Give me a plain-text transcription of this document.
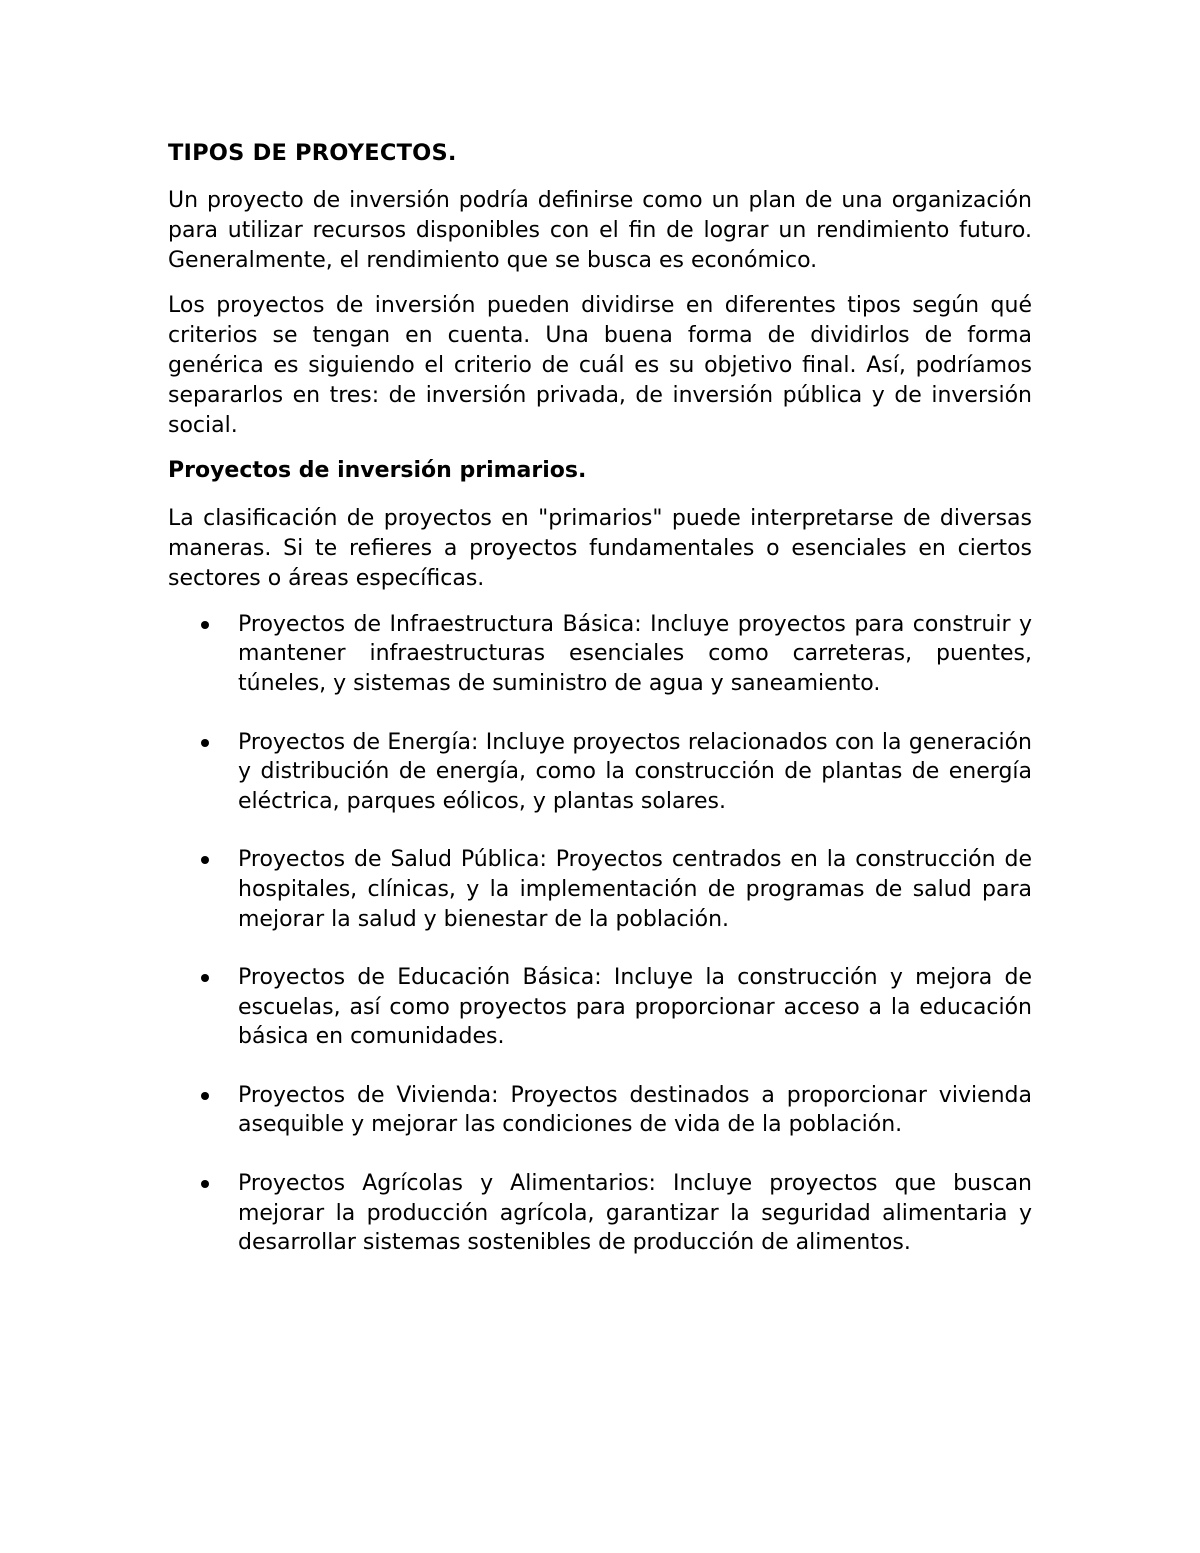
TIPOS DE PROYECTOS.

Un proyecto de inversión podría definirse como un plan de una organización para utilizar recursos disponibles con el fin de lograr un rendimiento futuro. Generalmente, el rendimiento que se busca es económico.

Los proyectos de inversión pueden dividirse en diferentes tipos según qué criterios se tengan en cuenta. Una buena forma de dividirlos de forma genérica es siguiendo el criterio de cuál es su objetivo final. Así, podríamos separarlos en tres: de inversión privada, de inversión pública y de inversión social.

Proyectos de inversión primarios.

La clasificación de proyectos en "primarios" puede interpretarse de diversas maneras. Si te refieres a proyectos fundamentales o esenciales en ciertos sectores o áreas específicas.

Proyectos de Infraestructura Básica: Incluye proyectos para construir y mantener infraestructuras esenciales como carreteras, puentes, túneles, y sistemas de suministro de agua y saneamiento.
Proyectos de Energía: Incluye proyectos relacionados con la generación y distribución de energía, como la construcción de plantas de energía eléctrica, parques eólicos, y plantas solares.
Proyectos de Salud Pública: Proyectos centrados en la construcción de hospitales, clínicas, y la implementación de programas de salud para mejorar la salud y bienestar de la población.
Proyectos de Educación Básica: Incluye la construcción y mejora de escuelas, así como proyectos para proporcionar acceso a la educación básica en comunidades.
Proyectos de Vivienda: Proyectos destinados a proporcionar vivienda asequible y mejorar las condiciones de vida de la población.
Proyectos Agrícolas y Alimentarios: Incluye proyectos que buscan mejorar la producción agrícola, garantizar la seguridad alimentaria y desarrollar sistemas sostenibles de producción de alimentos.
